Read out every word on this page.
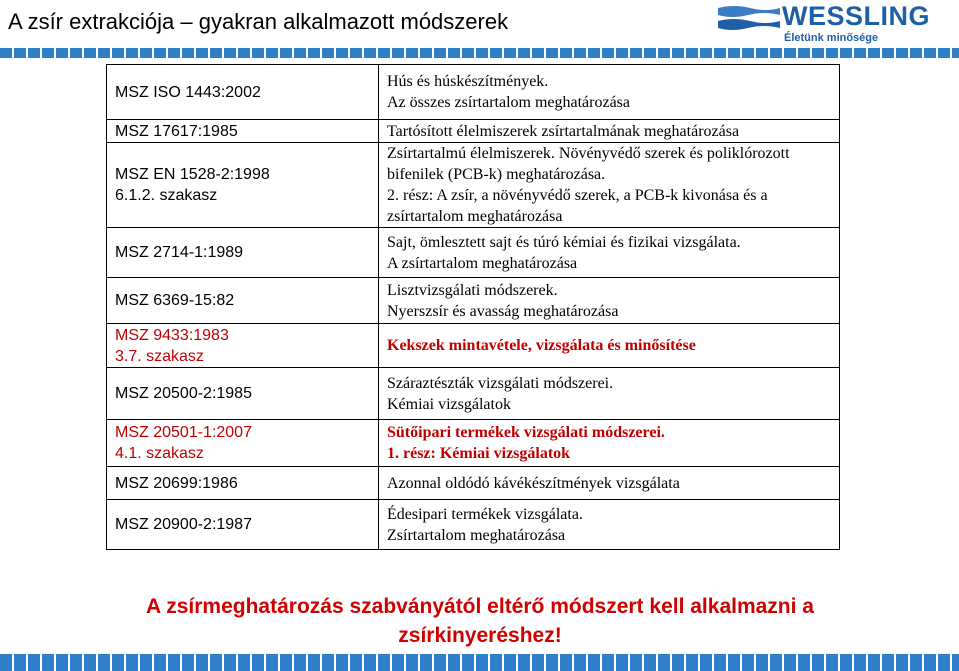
A zsír extrakciója – gyakran alkalmazott módszerek	WESSLING
Életünk minősége
MSZ ISO 1443:2002	Hús és húskészítmények.
Az összes zsírtartalom meghatározása

MSZ 17617:1985	Tartósított élelmiszerek zsírtartalmának meghatározása

MSZ EN 1528-2:1998
6.1.2. szakasz	Zsírtartalmú élelmiszerek. Növényvédő szerek és poliklórozott bifenilek (PCB-k) meghatározása.
2. rész: A zsír, a növényvédő szerek, a PCB-k kivonása és a zsírtartalom meghatározása

MSZ 2714-1:1989	Sajt, ömlesztett sajt és túró kémiai és fizikai vizsgálata.
A zsírtartalom meghatározása

MSZ 6369-15:82	Lisztvizsgálati módszerek.
Nyerszsír és avasság meghatározása

MSZ 9433:1983
3.7. szakasz	Kekszek mintavétele, vizsgálata és minősítése

MSZ 20500-2:1985	Száraztészták vizsgálati módszerei.
Kémiai vizsgálatok

MSZ 20501-1:2007
4.1. szakasz	Sütőipari termékek vizsgálati módszerei.
1. rész: Kémiai vizsgálatok

MSZ 20699:1986	Azonnal oldódó kávékészítmények vizsgálata

MSZ 20900-2:1987	Édesipari termékek vizsgálata.
Zsírtartalom meghatározása
A zsírmeghatározás szabványától eltérő módszert kell alkalmazni a
zsírkinyeréshez!
